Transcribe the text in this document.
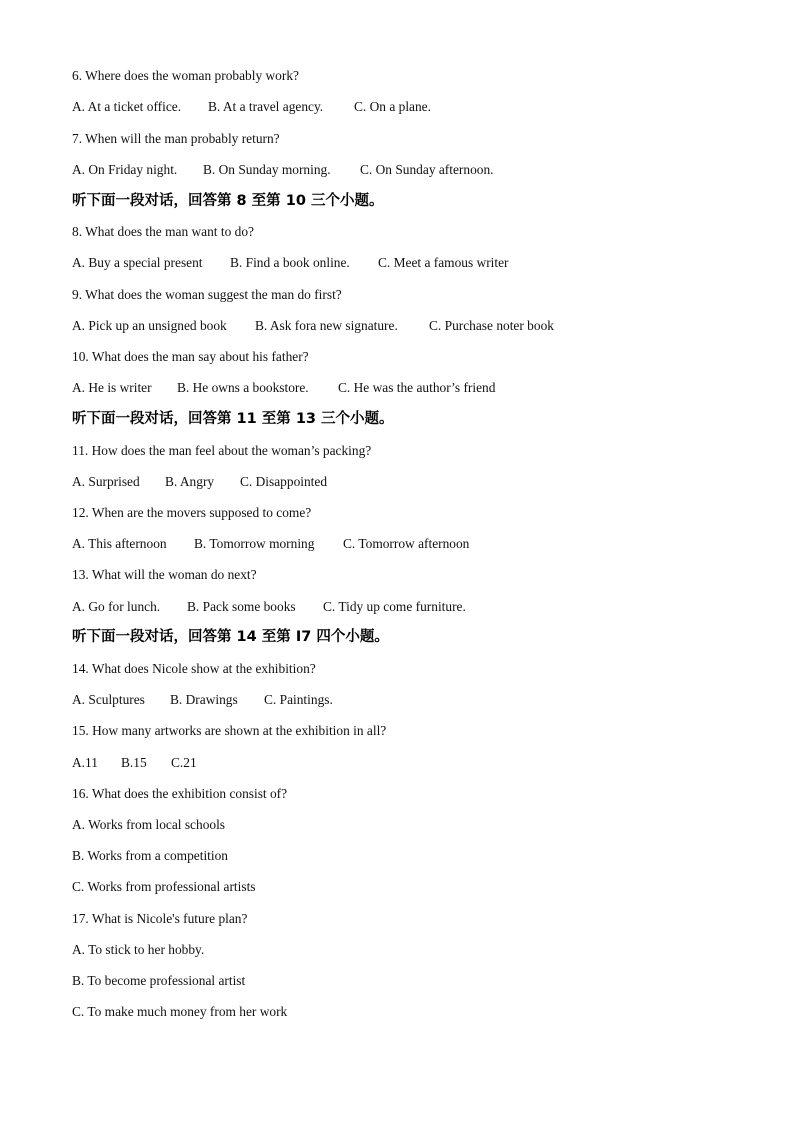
6. Where does the woman probably work?
A. At a ticket office. B. At a travel agency. C. On a plane.
7. When will the man probably return?
A. On Friday night. B. On Sunday morning. C. On Sunday afternoon.
听下面一段对话，回答第 8 至第 10 三个小题。
8. What does the man want to do?
A. Buy a special present B. Find a book online. C. Meet a famous writer
9. What does the woman suggest the man do first?
A. Pick up an unsigned book B. Ask fora new signature. C. Purchase noter book
10. What does the man say about his father?
A. He is writer B. He owns a bookstore. C. He was the author’s friend
听下面一段对话，回答第 11 至第 13 三个小题。
11. How does the man feel about the woman’s packing?
A. Surprised B. Angry C. Disappointed
12. When are the movers supposed to come?
A. This afternoon B. Tomorrow morning C. Tomorrow afternoon
13. What will the woman do next?
A. Go for lunch. B. Pack some books C. Tidy up come furniture.
听下面一段对话，回答第 14 至第 I7 四个小题。
14. What does Nicole show at the exhibition?
A. Sculptures B. Drawings C. Paintings.
15. How many artworks are shown at the exhibition in all?
A.11 B.15 C.21
16. What does the exhibition consist of?
A. Works from local schools
B. Works from a competition
C. Works from professional artists
17. What is Nicole's future plan?
A. To stick to her hobby.
B. To become professional artist
C. To make much money from her work
